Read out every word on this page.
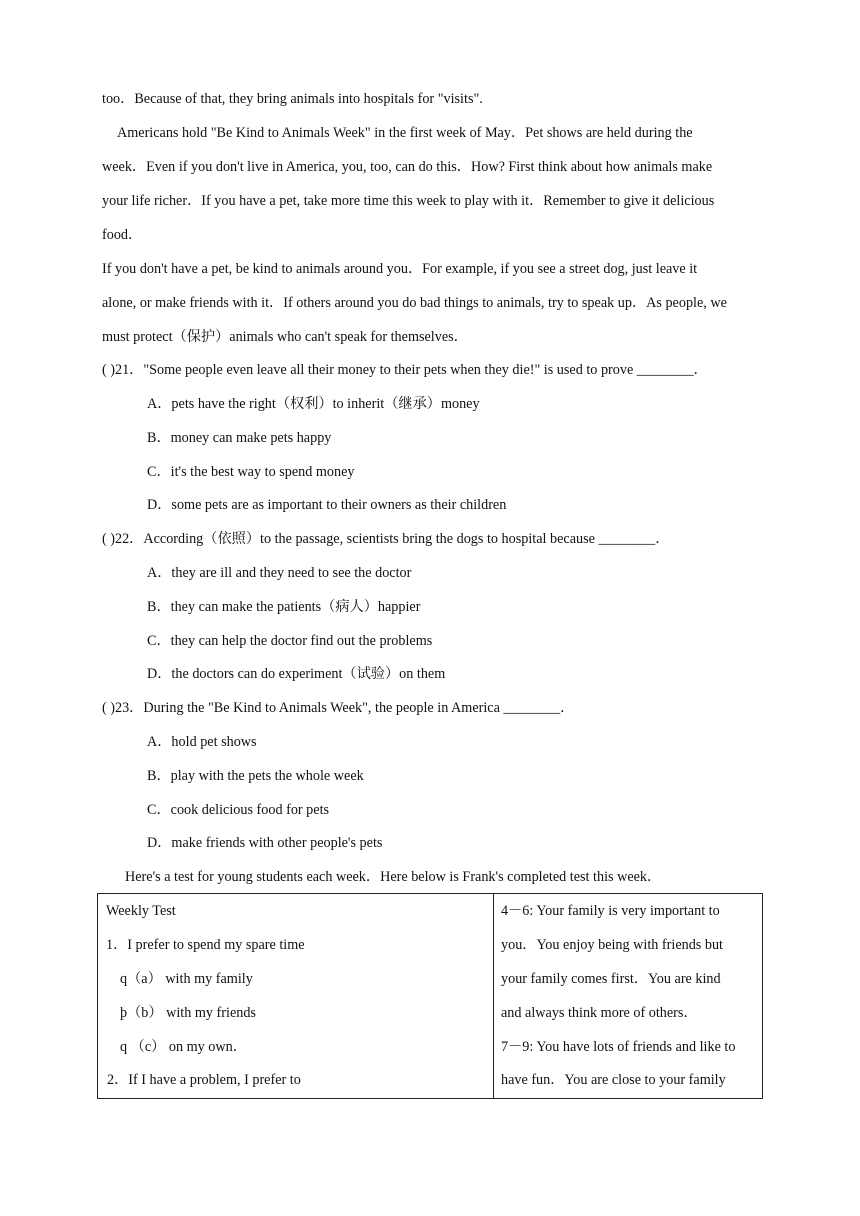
too．Because of that, they bring animals into hospitals for "visits".
Americans hold "Be Kind to Animals Week" in the first week of May．Pet shows are held during the
week．Even if you don't live in America, you, too, can do this．How? First think about how animals make
your life richer．If you have a pet, take more time this week to play with it．Remember to give it delicious
food．
If you don't have a pet, be kind to animals around you．For example, if you see a street dog, just leave it
alone, or make friends with it．If others around you do bad things to animals, try to speak up．As people, we
must protect（保护）animals who can't speak for themselves．
( )21．"Some people even leave all their money to their pets when they die!" is used to prove ________．
A．pets have the right（权利）to inherit（继承）money
B．money can make pets happy
C．it's the best way to spend money
D．some pets are as important to their owners as their children
( )22．According（依照）to the passage, scientists bring the dogs to hospital because ________．
A．they are ill and they need to see the doctor
B．they can make the patients（病人）happier
C．they can help the doctor find out the problems
D．the doctors can do experiment（试验）on them
( )23．During the "Be Kind to Animals Week", the people in America ________．
A．hold pet shows
B．play with the pets the whole week
C．cook delicious food for pets
D．make friends with other people's pets
Here's a test for young students each week．Here below is Frank's completed test this week．
Weekly Test
1．I prefer to spend my spare time
q（a） with my family
þ（b） with my friends
q （c） on my own．
2．If I have a problem, I prefer to

4－6: Your family is very important to
you．You enjoy being with friends but
your family comes first．You are kind
and always think more of others．
7－9: You have lots of friends and like to
have fun．You are close to your family
